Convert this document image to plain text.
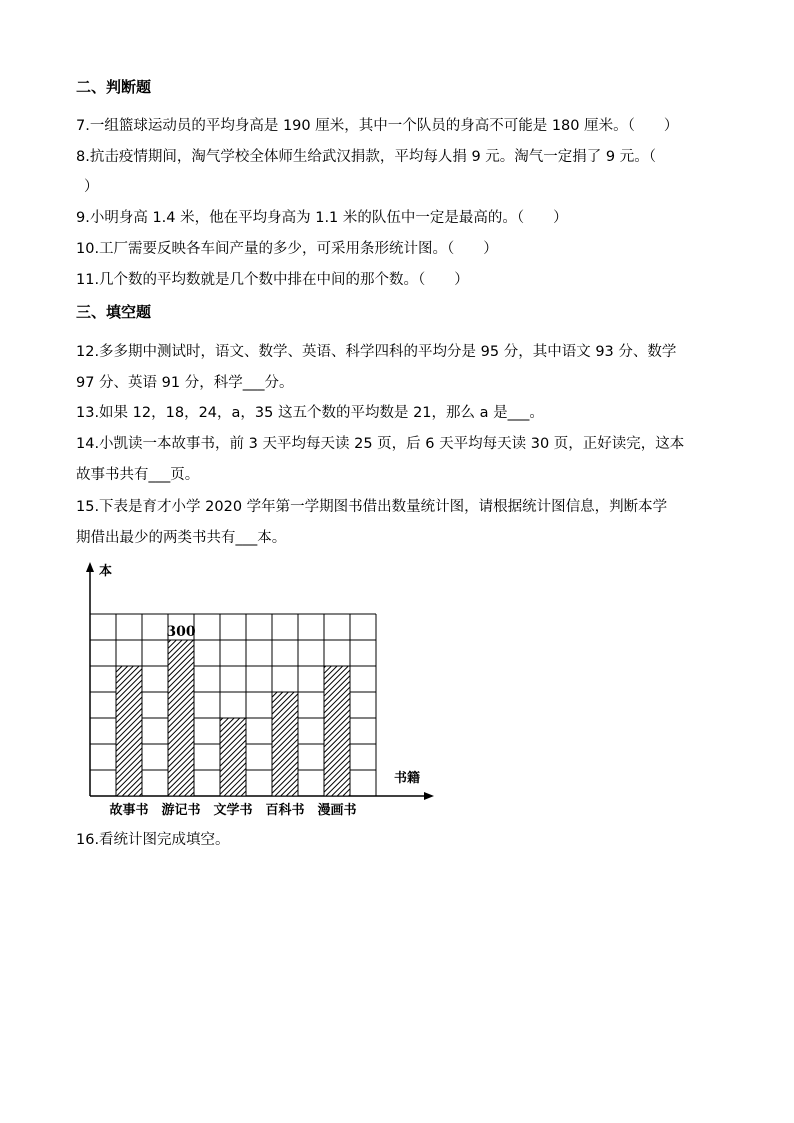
二、判断题
7.一组篮球运动员的平均身高是 190 厘米，其中一个队员的身高不可能是 180 厘米。（　　）
8.抗击疫情期间，淘气学校全体师生给武汉捐款，平均每人捐 9 元。淘气一定捐了 9 元。（
）
9.小明身高 1.4 米，他在平均身高为 1.1 米的队伍中一定是最高的。（　　）
10.工厂需要反映各车间产量的多少，可采用条形统计图。（　　）
11.几个数的平均数就是几个数中排在中间的那个数。（　　）
三、填空题
12.多多期中测试时，语文、数学、英语、科学四科的平均分是 95 分，其中语文 93 分、数学
97 分、英语 91 分，科学___分。
13.如果 12，18，24，a，35 这五个数的平均数是 21，那么 a 是___。
14.小凯读一本故事书，前 3 天平均每天读 25 页，后 6 天平均每天读 30 页，正好读完，这本
故事书共有___页。
15.下表是育才小学 2020 学年第一学期图书借出数量统计图，请根据统计图信息，判断本学
期借出最少的两类书共有___本。
本
书籍
故事书 游记书
300
文学书 百科书 漫画书
16.看统计图完成填空。
